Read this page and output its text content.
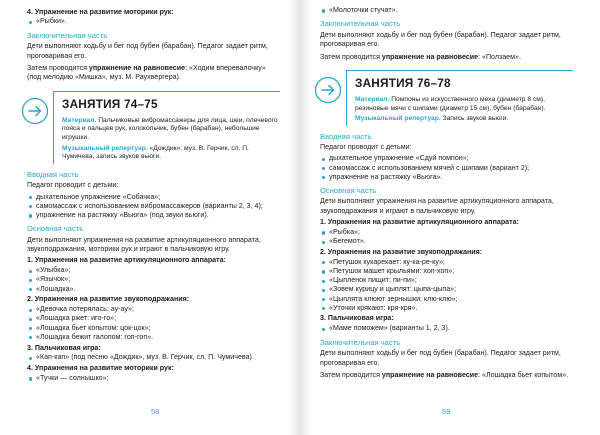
4. Упражнение на развитие моторики рук:
«Рыбки».
Заключительная часть
Дети выполняют ходьбу и бег под бубен (барабан). Педагог задает ритм, проговаривая его.
Затем проводится упражнение на равновесие: «Ходим вперевалочку» (под мелодию «Мишка», муз. М. Раухвергера).
ЗАНЯТИЯ 74–75
Материал. Пальчиковые вибромассажеры для лица, шеи, плечевого пояса и пальцев рук, колокольчик, бубен (барабан), небольшие игрушки.
Музыкальный репертуар. «Дождик», муз. В. Герчик, сл. П. Чумичева, запись звуков вьюги.
Вводная часть
Педагог проводит с детьми:
дыхательное упражнение «Собачка»;
самомассаж с использованием вибромассажеров (варианты 2, 3, 4);
упражнение на растяжку «Вьюга» (под звуки вьюги).
Основная часть
Дети выполняют упражнения на развитие артикуляционного аппарата, звукоподражания, моторики рук и играют в пальчиковую игру.
1. Упражнения на развитие артикуляционного аппарата:
«Улыбка»;
«Язычок»;
«Лошадка».
2. Упражнения на развитие звукоподражания:
«Девочка потерялась: ау-ау»;
«Лошадка ржет: иго-го»;
«Лошадка бьет копытом: цок-цок»;
«Лошадка бежит галопом: гоп-гоп».
3. Пальчиковая игра:
«Кап-кап» (под песню «Дождик», муз. В. Герчик, сл. П. Чумичева).
4. Упражнения на развитие моторики рук:
«Тучки — солнышко»;
58
«Молоточки стучат».
Заключительная часть
Дети выполняют ходьбу и бег под бубен (барабан). Педагог задает ритм, проговаривая его.
Затем проводится упражнение на равновесие: «Ползаем».
ЗАНЯТИЯ 76–78
Материал. Помпоны из искусственного меха (диаметр 8 см), резиновые мячи с шипами (диаметр 15 см), бубен (барабан).
Музыкальный репертуар. Запись звуков вьюги.
Вводная часть
Педагог проводит с детьми:
дыхательное упражнение «Сдуй помпон»;
самомассаж с использованием мячей с шипами (вариант 2);
упражнение на растяжку «Вьюга».
Основная часть
Дети выполняют упражнения на развитие артикуляционного аппарата, звукоподражания и играют в пальчиковую игру.
1. Упражнения на развитие артикуляционного аппарата:
«Рыбка»;
«Бегемот».
2. Упражнения на развитие звукоподражания:
«Петушок кукарекает: ку-ка-ре-ку»;
«Петушок машет крыльями: хоп-хоп»;
«Цыпленок пищит: пи-пи»;
«Зовем курицу и цыплят: цыпа-цыпа»;
«Цыплята клюют зернышки: клю-клю»;
«Уточки крякают: кря-кря».
3. Пальчиковая игра:
«Маме поможем» (варианты 1, 2, 3).
Заключительная часть
Дети выполняют ходьбу и бег под бубен (барабан). Педагог задает ритм, проговаривая его.
Затем проводится упражнение на равновесие: «Лошадка бьет копытом».
59
